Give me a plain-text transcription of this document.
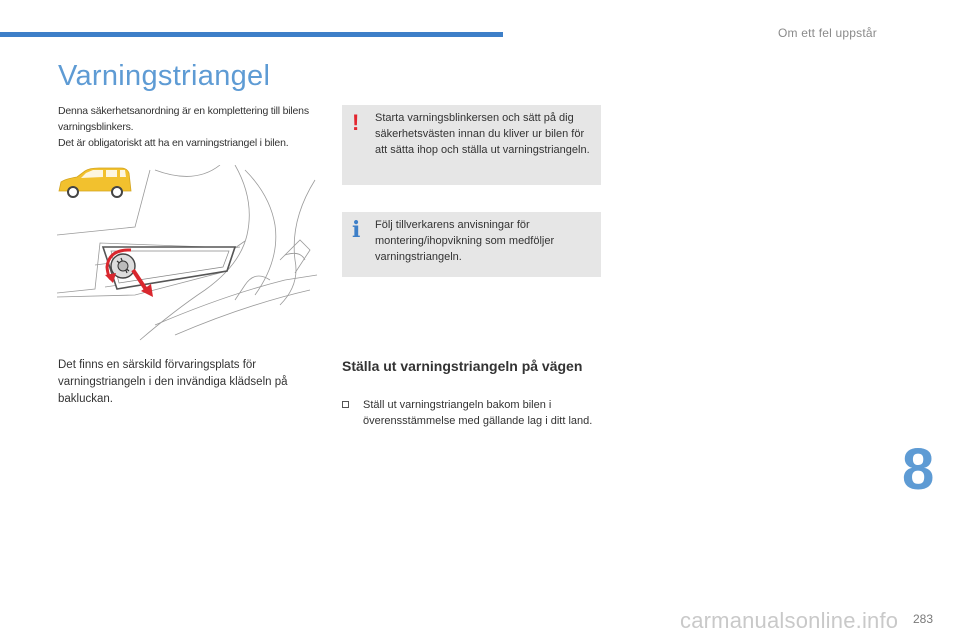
Om ett fel uppstår
Varningstriangel

Denna säkerhetsanordning är en komplettering till bilens varningsblinkers.

Det är obligatoriskt att ha en varningstriangel i bilen.

Det finns en särskild förvaringsplats för varningstriangeln i den invändiga klädseln på bakluckan.
! Starta varningsblinkersen och sätt på dig säkerhetsvästen innan du kliver ur bilen för att sätta ihop och ställa ut varningstriangeln.
i Följ tillverkarens anvisningar för montering/ihopvikning som medföljer varningstriangeln.
Ställa ut varningstriangeln på vägen
Ställ ut varningstriangeln bakom bilen i överensstämmelse med gällande lag i ditt land.
8
carmanualsonline.info 283
